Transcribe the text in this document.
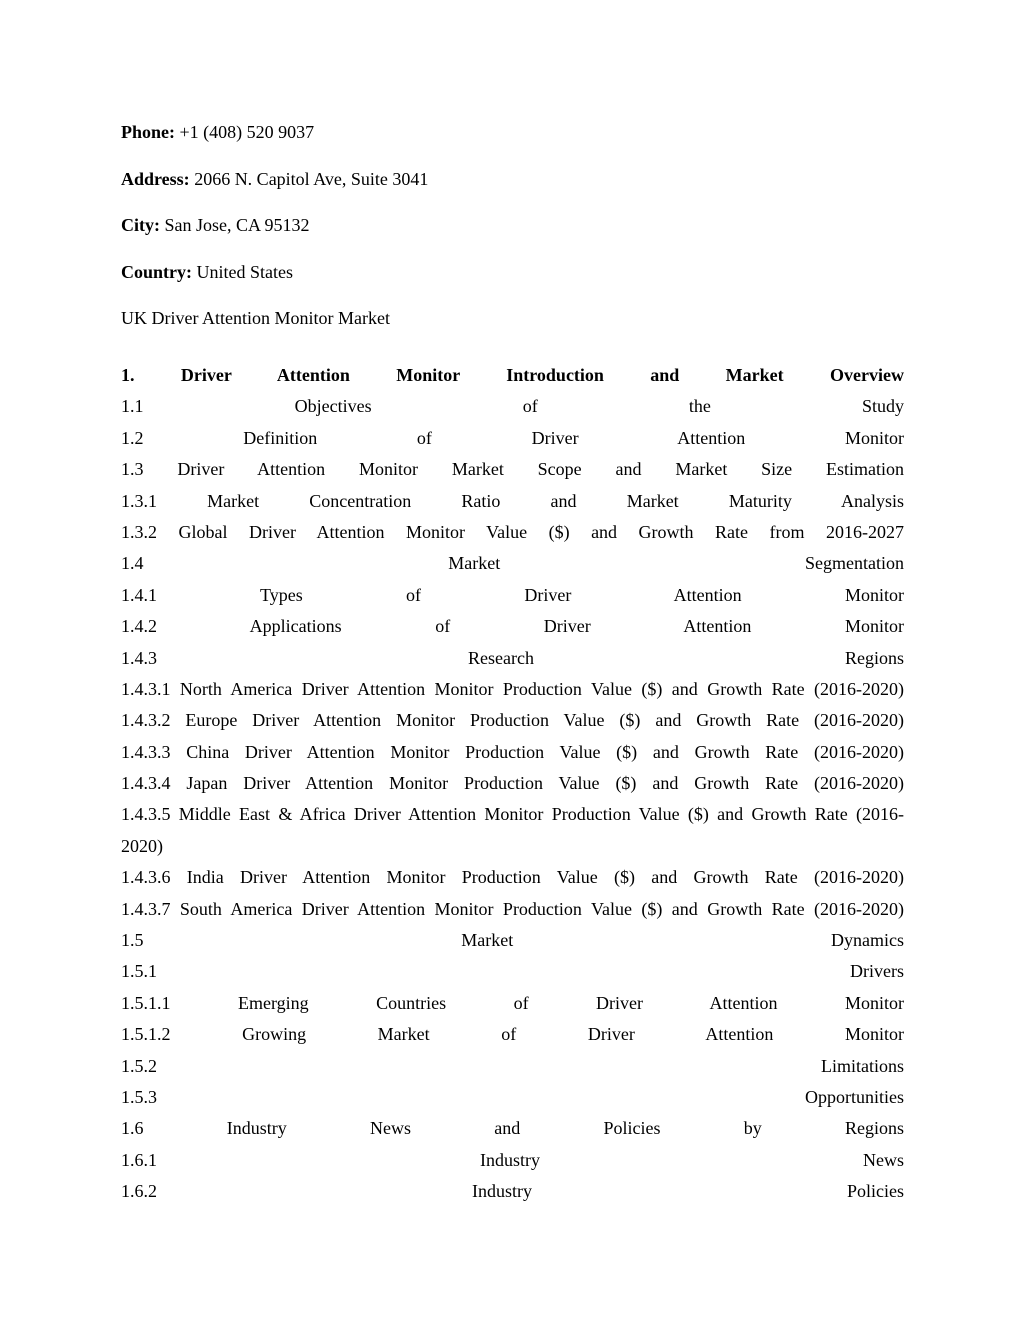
Phone: +1 (408) 520 9037
Address: 2066 N. Capitol Ave, Suite 3041
City: San Jose, CA 95132
Country: United States
UK Driver Attention Monitor Market
1. Driver Attention Monitor Introduction and Market Overview
1.1 Objectives of the Study
1.2 Definition of Driver Attention Monitor
1.3 Driver Attention Monitor Market Scope and Market Size Estimation
1.3.1 Market Concentration Ratio and Market Maturity Analysis
1.3.2 Global Driver Attention Monitor Value ($) and Growth Rate from 2016-2027
1.4 Market Segmentation
1.4.1 Types of Driver Attention Monitor
1.4.2 Applications of Driver Attention Monitor
1.4.3 Research Regions
1.4.3.1 North America Driver Attention Monitor Production Value ($) and Growth Rate (2016-2020)
1.4.3.2 Europe Driver Attention Monitor Production Value ($) and Growth Rate (2016-2020)
1.4.3.3 China Driver Attention Monitor Production Value ($) and Growth Rate (2016-2020)
1.4.3.4 Japan Driver Attention Monitor Production Value ($) and Growth Rate (2016-2020)
1.4.3.5 Middle East & Africa Driver Attention Monitor Production Value ($) and Growth Rate (2016-
2020)
1.4.3.6 India Driver Attention Monitor Production Value ($) and Growth Rate (2016-2020)
1.4.3.7 South America Driver Attention Monitor Production Value ($) and Growth Rate (2016-2020)
1.5 Market Dynamics
1.5.1 Drivers
1.5.1.1 Emerging Countries of Driver Attention Monitor
1.5.1.2 Growing Market of Driver Attention Monitor
1.5.2 Limitations
1.5.3 Opportunities
1.6 Industry News and Policies by Regions
1.6.1 Industry News
1.6.2 Industry Policies
